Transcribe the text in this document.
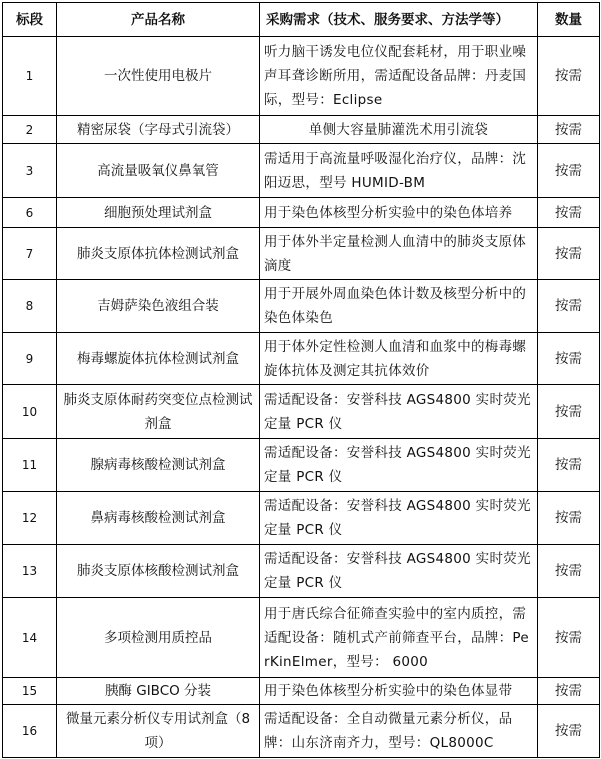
标段	产品名称	采购需求（技术、服务要求、方法学等）	数量
1	一次性使用电极片	听力脑干诱发电位仪配套耗材，用于职业噪声耳聋诊断所用，需适配设备品牌：丹麦国际，型号：Eclipse	按需
2	精密尿袋（字母式引流袋）	单侧大容量肺灌洗术用引流袋	按需
3	高流量吸氧仪鼻氧管	需适用于高流量呼吸湿化治疗仪，品牌：沈阳迈思，型号 HUMID-BM	按需
6	细胞预处理试剂盒	用于染色体核型分析实验中的染色体培养	按需
7	肺炎支原体抗体检测试剂盒	用于体外半定量检测人血清中的肺炎支原体滴度	按需
8	吉姆萨染色液组合装	用于开展外周血染色体计数及核型分析中的染色体染色	按需
9	梅毒螺旋体抗体检测试剂盒	用于体外定性检测人血清和血浆中的梅毒螺旋体抗体及测定其抗体效价	按需
10	肺炎支原体耐药突变位点检测试剂盒	需适配设备：安誉科技 AGS4800 实时荧光定量 PCR 仪	按需
11	腺病毒核酸检测试剂盒	需适配设备：安誉科技 AGS4800 实时荧光定量 PCR 仪	按需
12	鼻病毒核酸检测试剂盒	需适配设备：安誉科技 AGS4800 实时荧光定量 PCR 仪	按需
13	肺炎支原体核酸检测试剂盒	需适配设备：安誉科技 AGS4800 实时荧光定量 PCR 仪	按需
14	多项检测用质控品	用于唐氏综合征筛查实验中的室内质控，需适配设备：随机式产前筛查平台，品牌：PerKinElmer，型号： 6000	按需
15	胰酶 GIBCO 分装	用于染色体核型分析实验中的染色体显带	按需
16	微量元素分析仪专用试剂盒（8 项）	需适配设备：全自动微量元素分析仪，品牌：山东济南齐力，型号：QL8000C	按需
